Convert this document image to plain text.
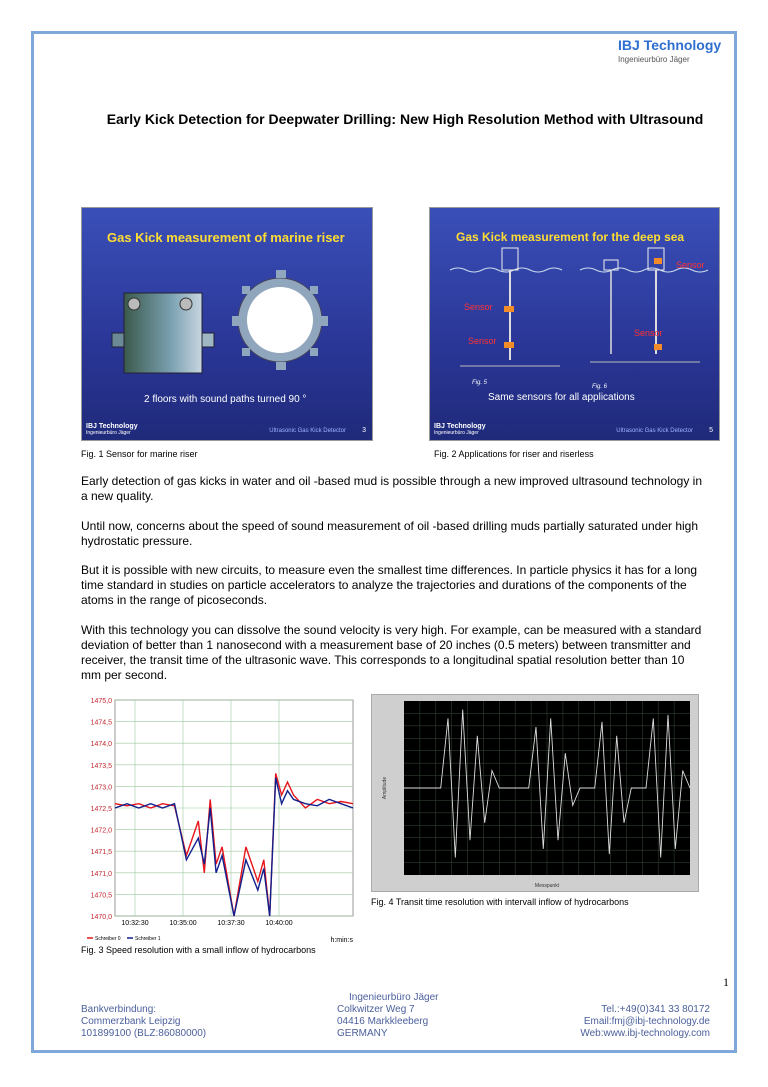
IBJ Technology
Ingenieurbüro Jäger
Early Kick Detection for Deepwater Drilling: New High Resolution Method with Ultrasound
Gas Kick measurement of marine riser
2 floors with sound paths turned 90 °
IBJ Technology
Ingenieurbüro Jäger	Ultrasonic Gas Kick Detector 3
Fig. 1 Sensor for marine riser
Gas Kick measurement for the deep sea
Sensor
Sensor
Sensor
Sensor
Fig. 5
Fig. 6
Same sensors for all applications
IBJ Technology
Ingenieurbüro Jäger	Ultrasonic Gas Kick Detector 5
Fig. 2 Applications for riser and riserless
Early detection of gas kicks in water and oil -based mud is possible through a new improved ultrasound technology in a new quality.
Until now, concerns about the speed of sound measurement of oil -based drilling muds partially saturated under high hydrostatic pressure.
But it is possible with new circuits, to measure even the smallest time differences. In particle physics it has for a long time standard in studies on particle accelerators to analyze the trajectories and durations of the components of the atoms in the range of picoseconds.
With this technology you can dissolve the sound velocity is very high. For example, can be measured with a standard deviation of better than 1 nanosecond with a measurement base of 20 inches (0.5 meters) between transmitter and receiver, the transit time of the ultrasonic wave. This corresponds to a longitudinal spatial resolution better than 10 mm per second.
1475,0
1474,5
1474,0
1473,5
1473,0
1472,5
1472,0
1471,5
1471,0
1470,5
1470,0
10:32:30	10:35:00	10:37:30	10:40:00
Schreiber 0	Schreiber 1	h:min:s
Fig. 3 Speed resolution with a small inflow of hydrocarbons
Messpunkt
Amplitude
Fig. 4 Transit time resolution with intervall inflow of hydrocarbons
1
Bankverbindung:
Commerzbank Leipzig
101899100 (BLZ:86080000)
Ingenieurbüro Jäger
Colkwitzer Weg 7
04416 Markkleeberg
GERMANY
Tel.:+49(0)341 33 80172
Email:fmj@ibj-technology.de
Web:www.ibj-technology.com
